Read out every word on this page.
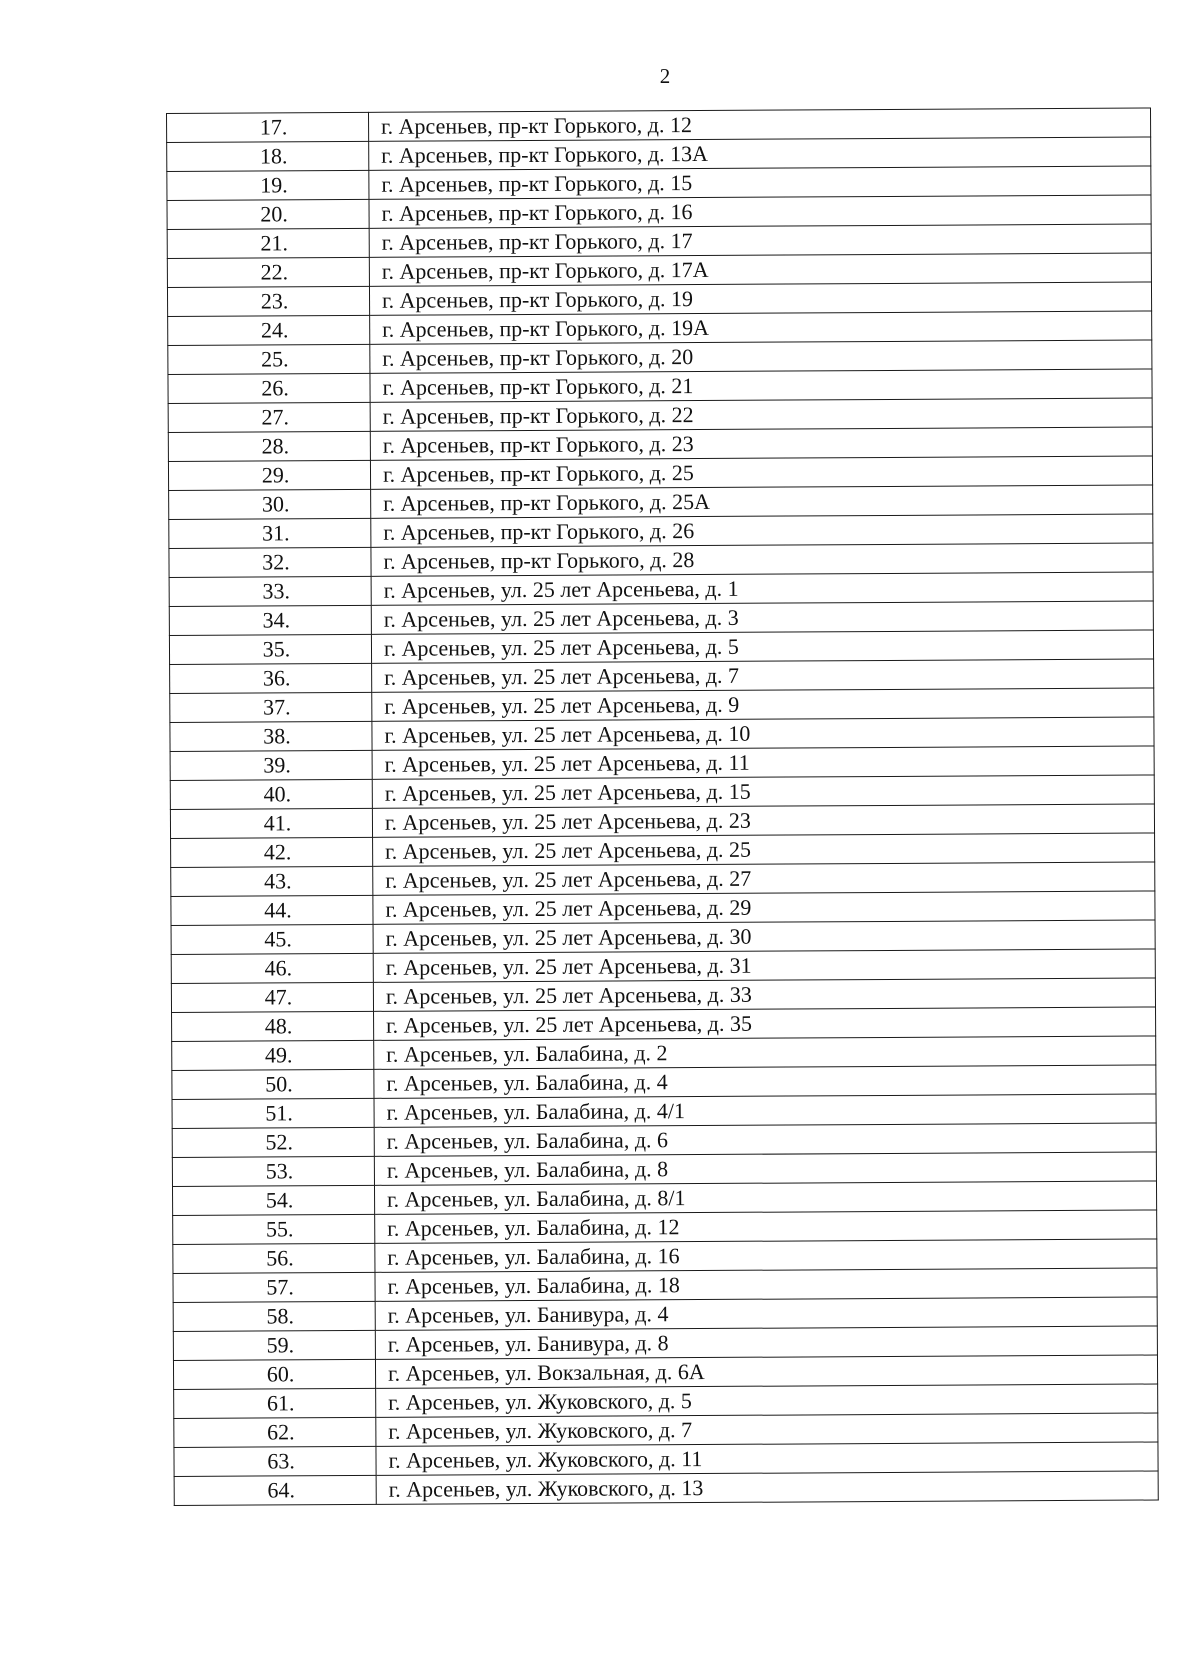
2
17.	г. Арсеньев, пр-кт Горького, д. 12
18.	г. Арсеньев, пр-кт Горького, д. 13А
19.	г. Арсеньев, пр-кт Горького, д. 15
20.	г. Арсеньев, пр-кт Горького, д. 16
21.	г. Арсеньев, пр-кт Горького, д. 17
22.	г. Арсеньев, пр-кт Горького, д. 17А
23.	г. Арсеньев, пр-кт Горького, д. 19
24.	г. Арсеньев, пр-кт Горького, д. 19А
25.	г. Арсеньев, пр-кт Горького, д. 20
26.	г. Арсеньев, пр-кт Горького, д. 21
27.	г. Арсеньев, пр-кт Горького, д. 22
28.	г. Арсеньев, пр-кт Горького, д. 23
29.	г. Арсеньев, пр-кт Горького, д. 25
30.	г. Арсеньев, пр-кт Горького, д. 25А
31.	г. Арсеньев, пр-кт Горького, д. 26
32.	г. Арсеньев, пр-кт Горького, д. 28
33.	г. Арсеньев, ул. 25 лет Арсеньева, д. 1
34.	г. Арсеньев, ул. 25 лет Арсеньева, д. 3
35.	г. Арсеньев, ул. 25 лет Арсеньева, д. 5
36.	г. Арсеньев, ул. 25 лет Арсеньева, д. 7
37.	г. Арсеньев, ул. 25 лет Арсеньева, д. 9
38.	г. Арсеньев, ул. 25 лет Арсеньева, д. 10
39.	г. Арсеньев, ул. 25 лет Арсеньева, д. 11
40.	г. Арсеньев, ул. 25 лет Арсеньева, д. 15
41.	г. Арсеньев, ул. 25 лет Арсеньева, д. 23
42.	г. Арсеньев, ул. 25 лет Арсеньева, д. 25
43.	г. Арсеньев, ул. 25 лет Арсеньева, д. 27
44.	г. Арсеньев, ул. 25 лет Арсеньева, д. 29
45.	г. Арсеньев, ул. 25 лет Арсеньева, д. 30
46.	г. Арсеньев, ул. 25 лет Арсеньева, д. 31
47.	г. Арсеньев, ул. 25 лет Арсеньева, д. 33
48.	г. Арсеньев, ул. 25 лет Арсеньева, д. 35
49.	г. Арсеньев, ул. Балабина, д. 2
50.	г. Арсеньев, ул. Балабина, д. 4
51.	г. Арсеньев, ул. Балабина, д. 4/1
52.	г. Арсеньев, ул. Балабина, д. 6
53.	г. Арсеньев, ул. Балабина, д. 8
54.	г. Арсеньев, ул. Балабина, д. 8/1
55.	г. Арсеньев, ул. Балабина, д. 12
56.	г. Арсеньев, ул. Балабина, д. 16
57.	г. Арсеньев, ул. Балабина, д. 18
58.	г. Арсеньев, ул. Банивура, д. 4
59.	г. Арсеньев, ул. Банивура, д. 8
60.	г. Арсеньев, ул. Вокзальная, д. 6А
61.	г. Арсеньев, ул. Жуковского, д. 5
62.	г. Арсеньев, ул. Жуковского, д. 7
63.	г. Арсеньев, ул. Жуковского, д. 11
64.	г. Арсеньев, ул. Жуковского, д. 13
